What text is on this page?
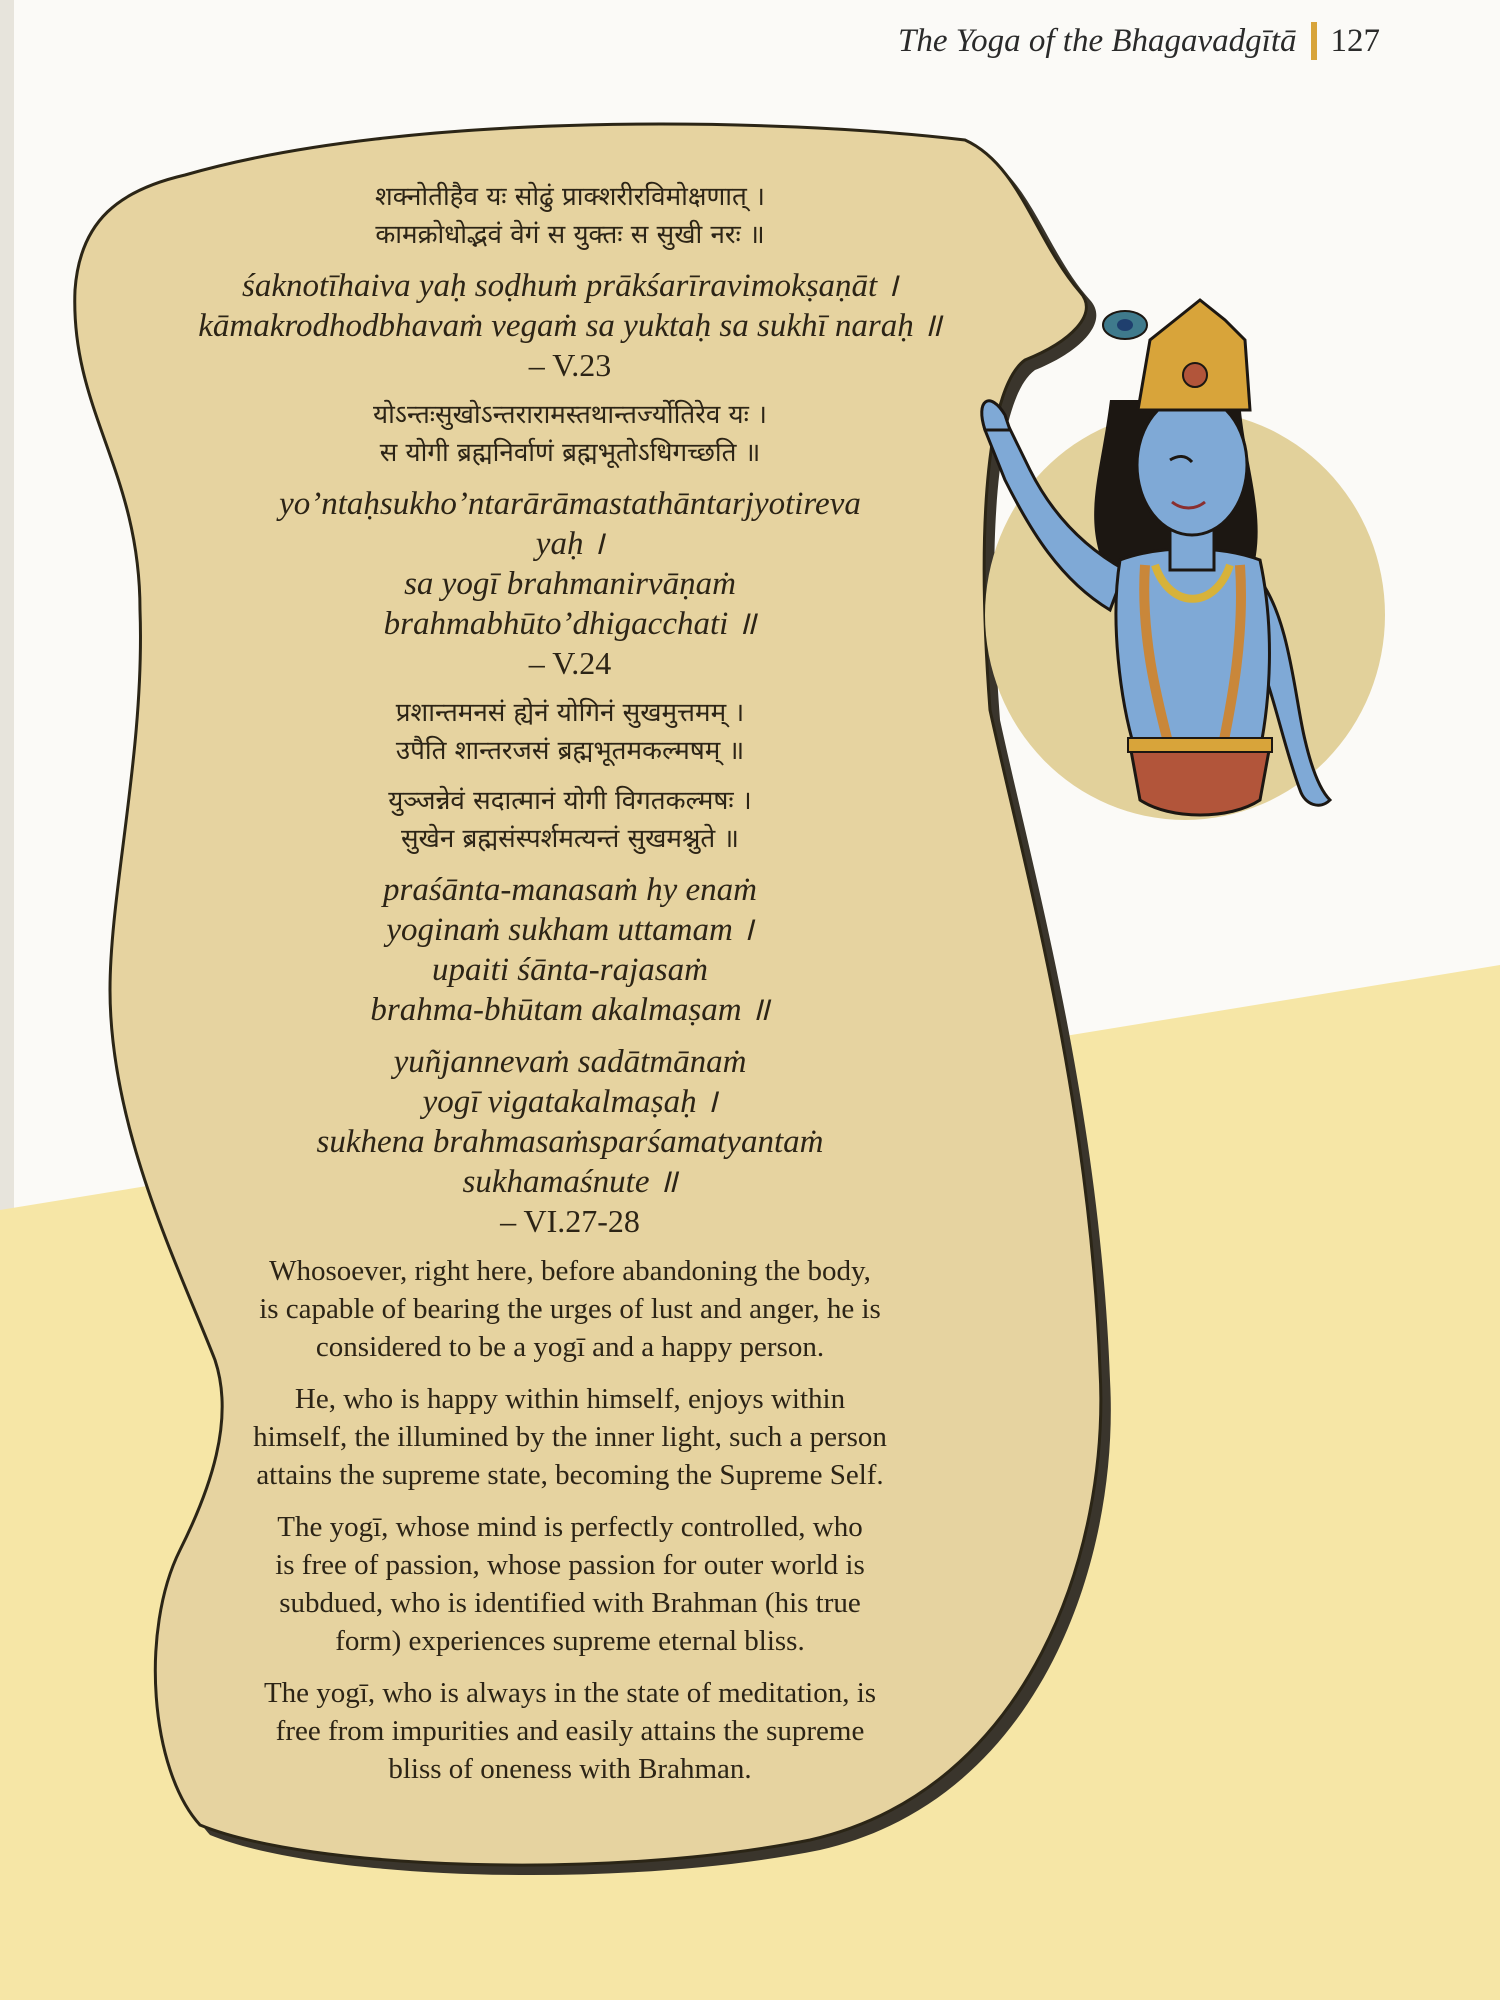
The Yoga of the Bhagavadgītā 127
शक्नोतीहैव यः सोढुं प्राक्शरीरविमोक्षणात् ।
कामक्रोधोद्भवं वेगं स युक्तः स सुखी नरः ॥
śaknotīhaiva yaḥ soḍhuṁ prākśarīravimokṣaṇāt ।
kāmakrodhodbhavaṁ vegaṁ sa yuktaḥ sa sukhī naraḥ ॥
– V.23
योऽन्तःसुखोऽन्तरारामस्तथान्तर्ज्योतिरेव यः ।
स योगी ब्रह्मनिर्वाणं ब्रह्मभूतोऽधिगच्छति ॥
yo’ntaḥsukho’ntarārāmastathāntarjyotireva
yaḥ ।
sa yogī brahmanirvāṇaṁ
brahmabhūto’dhigacchati ॥
– V.24
प्रशान्तमनसं ह्येनं योगिनं सुखमुत्तमम् ।
उपैति शान्तरजसं ब्रह्मभूतमकल्मषम् ॥
युञ्जन्नेवं सदात्मानं योगी विगतकल्मषः ।
सुखेन ब्रह्मसंस्पर्शमत्यन्तं सुखमश्नुते ॥
praśānta-manasaṁ hy enaṁ
yoginaṁ sukham uttamam ।
upaiti śānta-rajasaṁ
brahma-bhūtam akalmaṣam ॥
yuñjannevaṁ sadātmānaṁ
yogī vigatakalmaṣaḥ ।
sukhena brahmasaṁsparśamatyantaṁ
sukhamaśnute ॥
– VI.27-28
Whosoever, right here, before abandoning the body,
is capable of bearing the urges of lust and anger, he is
considered to be a yogī and a happy person.
He, who is happy within himself, enjoys within
himself, the illumined by the inner light, such a person
attains the supreme state, becoming the Supreme Self.
The yogī, whose mind is perfectly controlled, who
is free of passion, whose passion for outer world is
subdued, who is identified with Brahman (his true
form) experiences supreme eternal bliss.
The yogī, who is always in the state of meditation, is
free from impurities and easily attains the supreme
bliss of oneness with Brahman.
